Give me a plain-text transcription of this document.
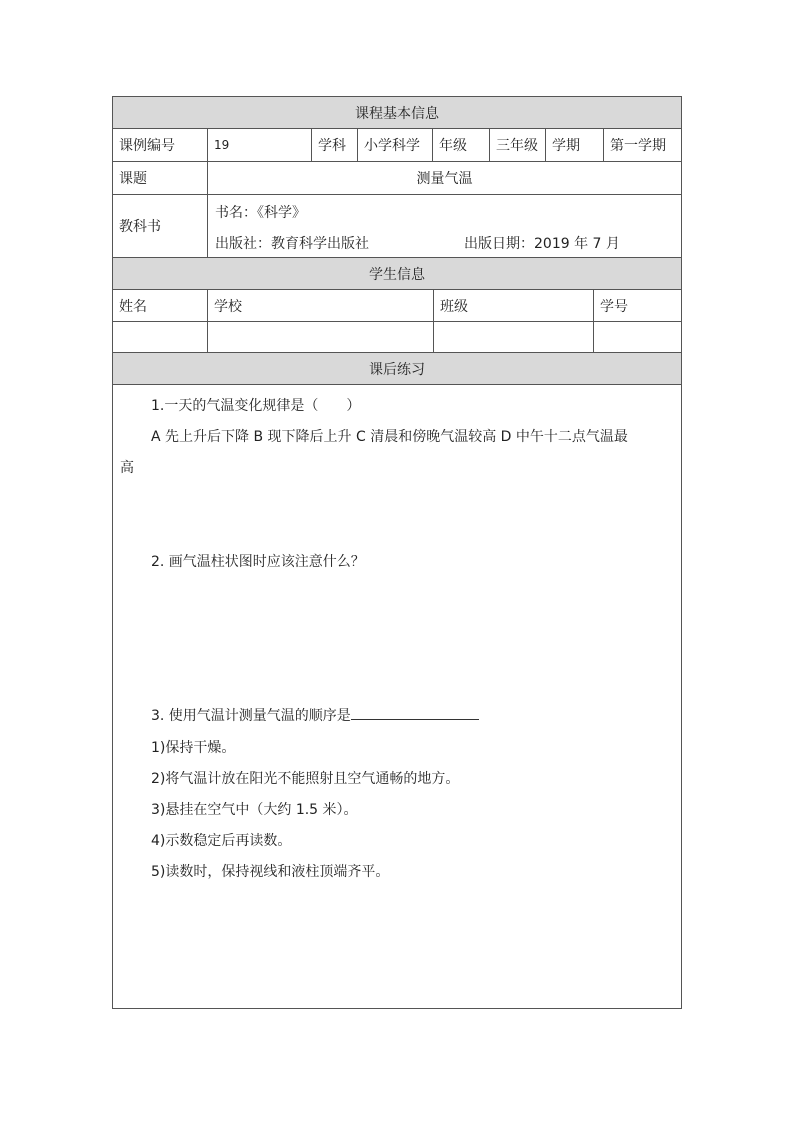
课程基本信息
课例编号	19	学科 小学科学 年级 三年级 学期 第一学期
课题	测量气温
教科书
书名：《科学》
出版社：教育科学出版社	出版日期：2019 年 7 月
学生信息
姓名	学校	班级	学号
课后练习

1.一天的气温变化规律是（　　）

A 先上升后下降 B 现下降后上升 C 清晨和傍晚气温较高 D 中午十二点气温最

高

2. 画气温柱状图时应该注意什么？

3. 使用气温计测量气温的顺序是

1)保持干燥。

2)将气温计放在阳光不能照射且空气通畅的地方。

3)悬挂在空气中（大约 1.5 米）。

4)示数稳定后再读数。

5)读数时，保持视线和液柱顶端齐平。
